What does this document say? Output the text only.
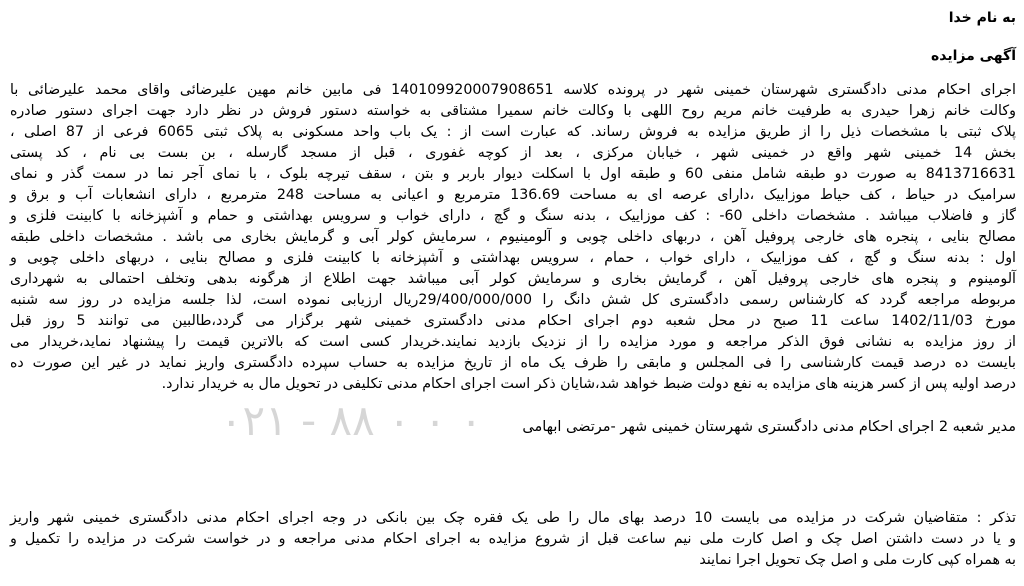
به نام خدا
آگهی مزایده
اجرای احکام مدنی دادگستری شهرستان خمینی شهر در پرونده کلاسه 140109920007908651 فی مابین خانم مهین علیرضائی واقای محمد علیرضائی با
وکالت خانم زهرا حیدری به طرفیت خانم مریم روح اللهی با وکالت خانم سمیرا مشتاقی به خواسته دستور فروش در نظر دارد جهت اجرای دستور صادره
پلاک ثبتی با مشخصات ذیل را از طریق مزایده به فروش رساند. که عبارت است از : یک باب واحد مسکونی به پلاک ثبتی 6065 فرعی از 87 اصلی ،
بخش 14 خمینی شهر واقع در خمینی شهر ، خیابان مرکزی ، بعد از کوچه غفوری ، قبل از مسجد گارسله ، بن بست بی نام ، کد پستی
8413716631 به صورت دو طبقه شامل منفی 60 و طبقه اول با اسکلت دیوار باربر و بتن ، سقف تیرچه بلوک ، با نمای آجر نما در سمت گذر و نمای
سرامیک در حیاط ، کف حیاط موزاییک ،دارای عرصه ای به مساحت 136.69 مترمربع و اعیانی به مساحت 248 مترمربع ، دارای انشعابات آب و برق و
گاز و فاضلاب میباشد . مشخصات داخلی 60- : کف موزاییک ، بدنه سنگ و گچ ، دارای خواب و سرویس بهداشتی و حمام و آشپزخانه با کابینت فلزی و
مصالح بنایی ، پنجره های خارجی پروفیل آهن ، دربهای داخلی چوبی و آلومینیوم ، سرمایش کولر آبی و گرمایش بخاری می باشد . مشخصات داخلی طبقه
اول : بدنه سنگ و گچ ، کف موزاییک ، دارای خواب ، حمام ، سرویس بهداشتی و آشپزخانه با کابینت فلزی و مصالح بنایی ، دربهای داخلی چوبی و
آلومینوم و پنجره های خارجی پروفیل آهن ، گرمایش بخاری و سرمایش کولر آبی میباشد جهت اطلاع از هرگونه بدهی وتخلف احتمالی به شهرداری
مربوطه مراجعه گردد که کارشناس رسمی دادگستری کل شش دانگ را 29/400/000/000ریال ارزیابی نموده است، لذا جلسه مزایده در روز سه شنبه
مورخ 1402/11/03 ساعت 11 صبح در محل شعبه دوم اجرای احکام مدنی دادگستری خمینی شهر برگزار می گردد،طالبین می توانند 5 روز قبل
از روز مزایده به نشانی فوق الذکر مراجعه و مورد مزایده را از نزدیک بازدید نمایند.خریدار کسی است که بالاترین قیمت را پیشنهاد نماید،خریدار می
بایست ده درصد قیمت کارشناسی را فی المجلس و مابقی را ظرف یک ماه از تاریخ مزایده به حساب سپرده دادگستری واریز نماید در غیر این صورت ده
درصد اولیه پس از کسر هزینه های مزایده به نفع دولت ضبط خواهد شد،شایان ذکر است اجرای احکام مدنی تکلیفی در تحویل مال به خریدار ندارد.
مدیر شعبه 2 اجرای احکام مدنی دادگستری شهرستان خمینی شهر -مرتضی ابهامی
تذکر : متقاضیان شرکت در مزایده می بایست 10 درصد بهای مال را طی یک فقره چک بین بانکی در وجه اجرای احکام مدنی دادگستری خمینی شهر واریز
و یا در دست داشتن اصل چک و اصل کارت ملی نیم ساعت قبل از شروع مزایده به اجرای احکام مدنی مراجعه و در خواست شرکت در مزایده را تکمیل و
به همراه کپی کارت ملی و اصل چک تحویل اجرا نمایند
۰۲۱ - ۸۸ ۰ ۰ ۰
